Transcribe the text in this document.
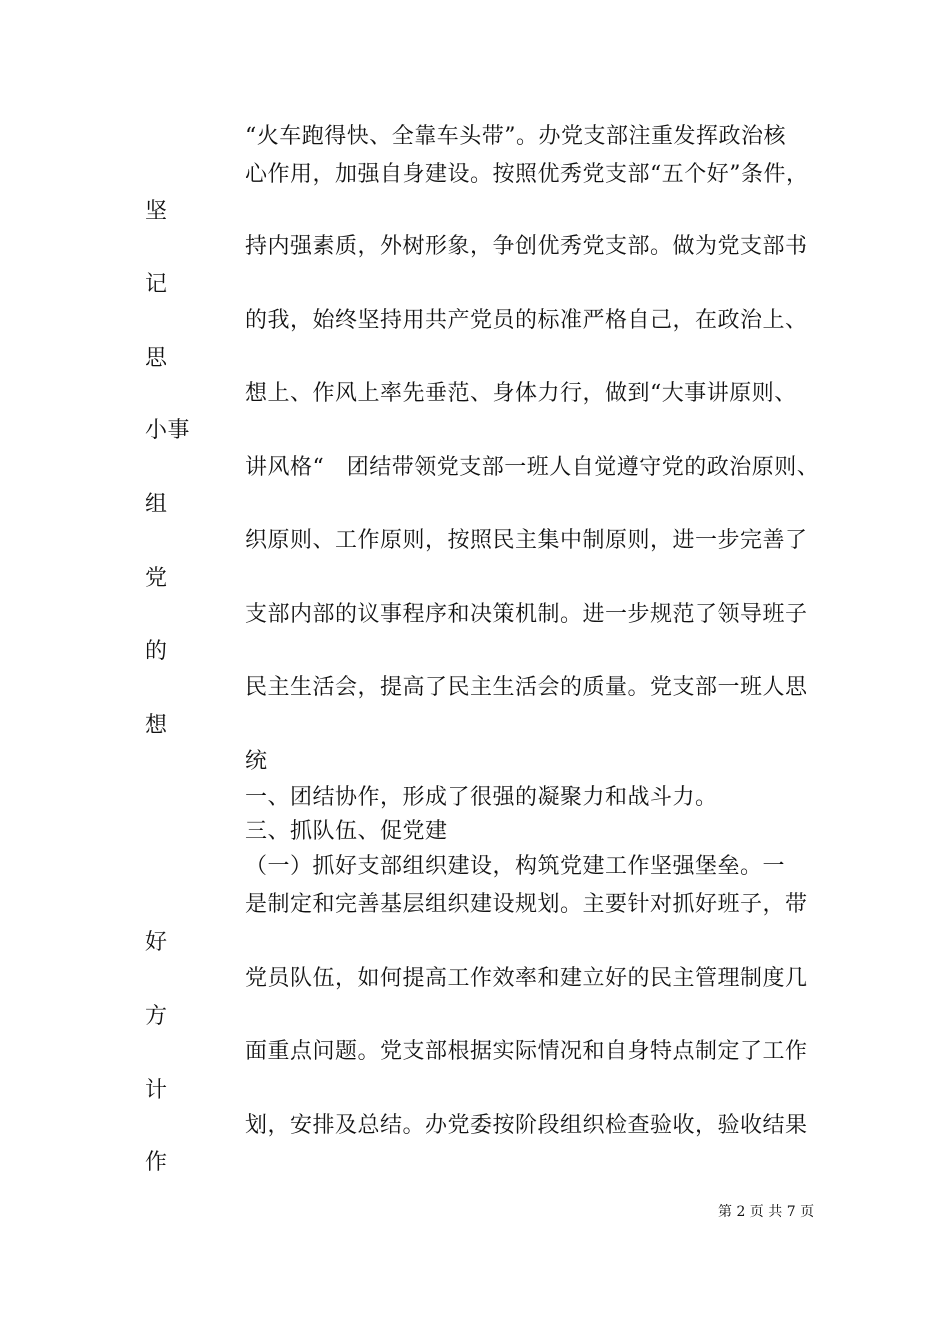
“火车跑得快、全靠车头带”。办党支部注重发挥政治核
心作用，加强自身建设。按照优秀党支部“五个好”条件，
坚
持内强素质，外树形象，争创优秀党支部。做为党支部书
记
的我，始终坚持用共产党员的标准严格自己，在政治上、
思
想上、作风上率先垂范、身体力行，做到“大事讲原则、
小事
讲风格“　团结带领党支部一班人自觉遵守党的政治原则、
组
织原则、工作原则，按照民主集中制原则，进一步完善了
党
支部内部的议事程序和决策机制。进一步规范了领导班子
的
民主生活会，提高了民主生活会的质量。党支部一班人思
想
统
一、团结协作，形成了很强的凝聚力和战斗力。
三、抓队伍、促党建
（一）抓好支部组织建设，构筑党建工作坚强堡垒。一
是制定和完善基层组织建设规划。主要针对抓好班子，带
好
党员队伍，如何提高工作效率和建立好的民主管理制度几
方
面重点问题。党支部根据实际情况和自身特点制定了工作
计
划，安排及总结。办党委按阶段组织检查验收，验收结果
作
第 2 页 共 7 页
